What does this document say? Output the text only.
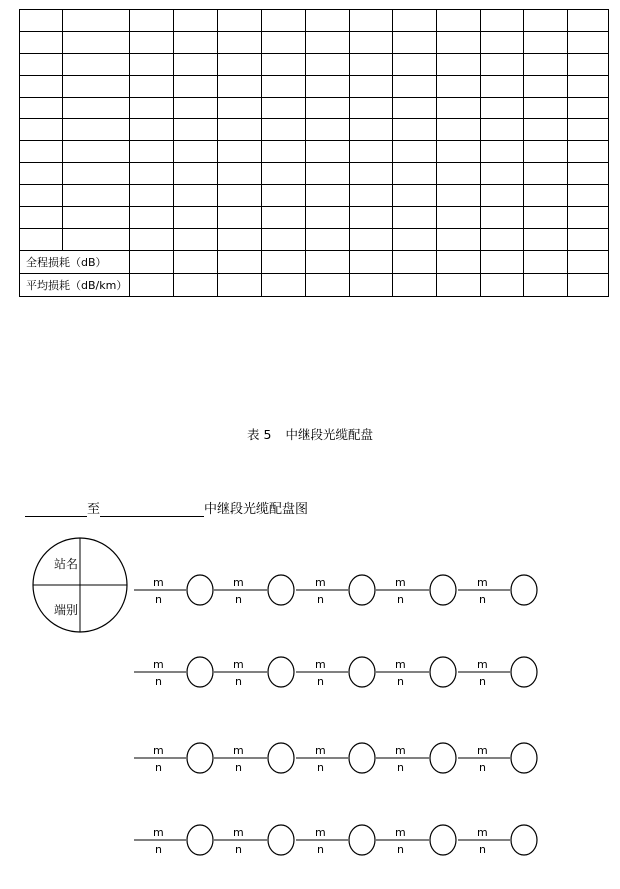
全程损耗（dB）												
平均损耗（dB/km）												
表 5 中继段光缆配盘
至	中继段光缆配盘图
站名
端别
m
n
m
n
m
n
m
n
m
n
m
n
m
n
m
n
m
n
m
n
m
n
m
n
m
n
m
n
m
n
m
n
m
n
m
n
m
n
m
n
